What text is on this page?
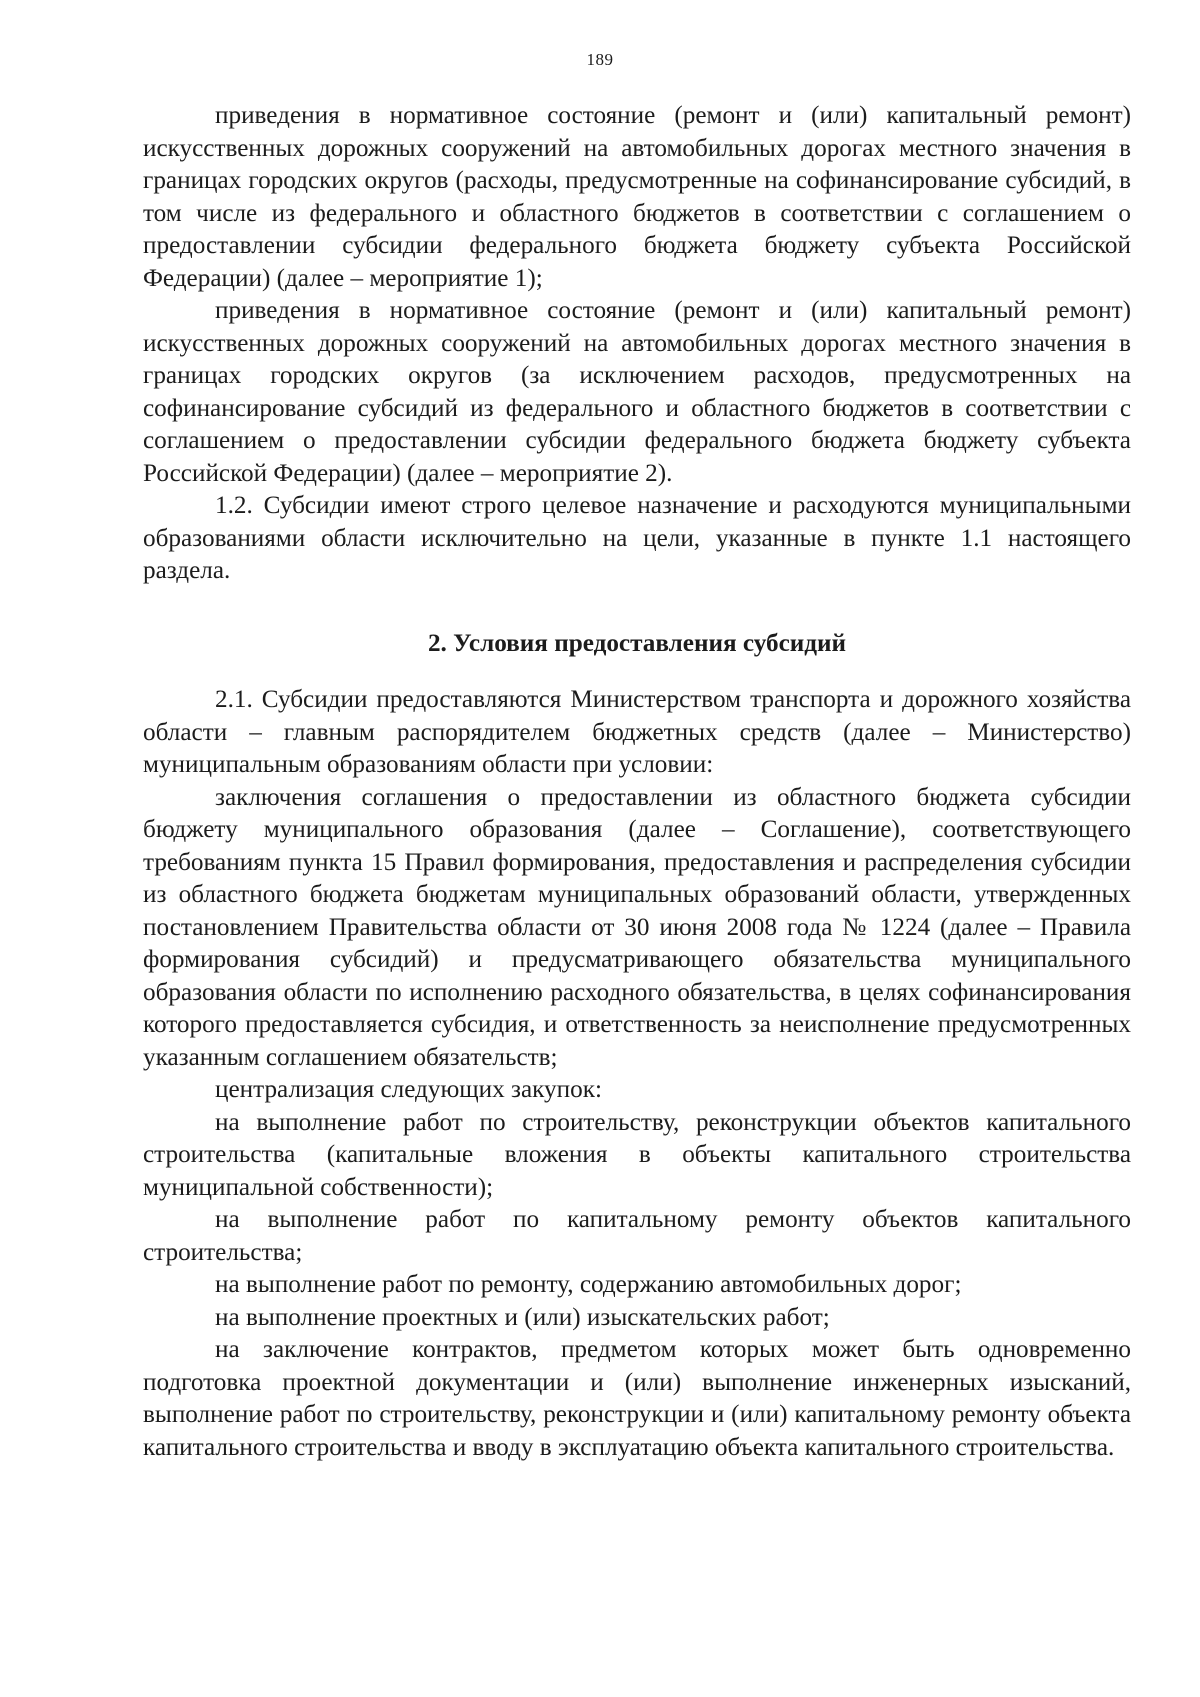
189

приведения в нормативное состояние (ремонт и (или) капитальный ремонт) искусственных дорожных сооружений на автомобильных дорогах местного значения в границах городских округов (расходы, предусмотренные на софинансирование субсидий, в том числе из федерального и областного бюджетов в соответствии с соглашением о предоставлении субсидии федерального бюджета бюджету субъекта Российской Федерации) (далее – мероприятие 1);

приведения в нормативное состояние (ремонт и (или) капитальный ремонт) искусственных дорожных сооружений на автомобильных дорогах местного значения в границах городских округов (за исключением расходов, предусмотренных на софинансирование субсидий из федерального и областного бюджетов в соответствии с соглашением о предоставлении субсидии федерального бюджета бюджету субъекта Российской Федерации) (далее – мероприятие 2).

1.2. Субсидии имеют строго целевое назначение и расходуются муниципальными образованиями области исключительно на цели, указанные в пункте 1.1 настоящего раздела.

2. Условия предоставления субсидий

2.1. Субсидии предоставляются Министерством транспорта и дорожного хозяйства области – главным распорядителем бюджетных средств (далее – Министерство) муниципальным образованиям области при условии:

заключения соглашения о предоставлении из областного бюджета субсидии бюджету муниципального образования (далее – Соглашение), соответствующего требованиям пункта 15 Правил формирования, предоставления и распределения субсидии из областного бюджета бюджетам муниципальных образований области, утвержденных постановлением Правительства области от 30 июня 2008 года № 1224 (далее – Правила формирования субсидий) и предусматривающего обязательства муниципального образования области по исполнению расходного обязательства, в целях софинансирования которого предоставляется субсидия, и ответственность за неисполнение предусмотренных указанным соглашением обязательств;

централизация следующих закупок:

на выполнение работ по строительству, реконструкции объектов капитального строительства (капитальные вложения в объекты капитального строительства муниципальной собственности);

на выполнение работ по капитальному ремонту объектов капитального строительства;

на выполнение работ по ремонту, содержанию автомобильных дорог;

на выполнение проектных и (или) изыскательских работ;

на заключение контрактов, предметом которых может быть одновременно подготовка проектной документации и (или) выполнение инженерных изысканий, выполнение работ по строительству, реконструкции и (или) капитальному ремонту объекта капитального строительства и вводу в эксплуатацию объекта капитального строительства.
